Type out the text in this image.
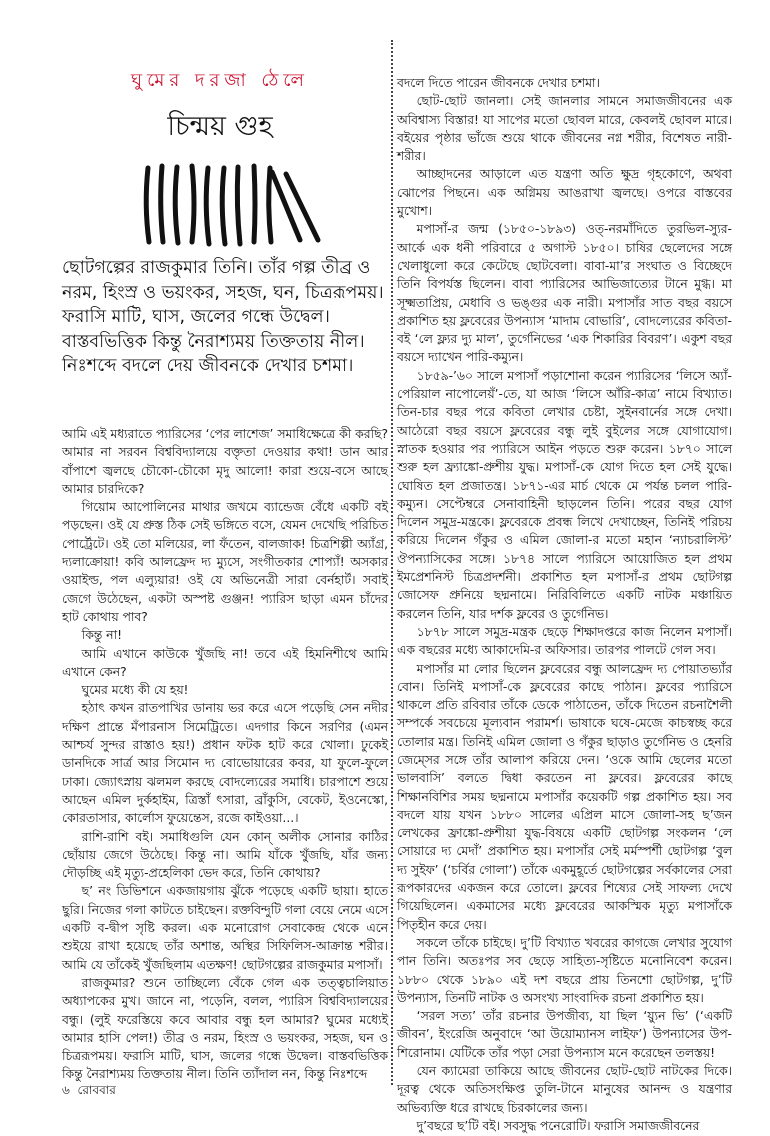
ঘুমের দরজা ঠেলে
চিন্ময় গুহ
ছোটগল্পের রাজকুমার তিনি। তাঁর গল্প তীব্র ও
নরম, হিংস্র ও ভয়ংকর, সহজ, ঘন, চিত্ররূপময়।
ফরাসি মাটি, ঘাস, জলের গন্ধে উদ্বেল।
বাস্তবভিত্তিক কিন্তু নৈরাশ্যময় তিক্ততায় নীল।
নিঃশব্দে বদলে দেয় জীবনকে দেখার চশমা।

আমি এই মধ্যরাতে প্যারিসের ‘পের লাশেজ’ সমাধিক্ষেত্রে কী করছি? আমার না সরবন বিশ্ববিদ্যালয়ে বক্তৃতা দেওয়ার কথা! ডান আর বাঁপাশে জ্বলছে চৌকো-চৌকো মৃদু আলো! কারা শুয়ে-বসে আছে আমার চারদিকে?

গিয়োম আপোলিনের মাথার জখমে ব্যান্ডেজ বেঁধে একটি বই পড়ছেন। ওই যে প্রুস্ত ঠিক সেই ভঙ্গিতে বসে, যেমন দেখেছি পরিচিত পোর্ট্রেটে। ওই তো মলিয়ের, লা ফঁতেন, বালজাক! চিত্রশিল্পী অ্যাঁগ্র, দ্যলাক্রোয়া! কবি আলফ্রেদ দ্য ম্যুসে, সংগীতকার শোপ্যাঁ! অসকার ওয়াইল্ড, পল এল্যুয়ার! ওই যে অভিনেত্রী সারা বের্নহার্ট। সবাই জেগে উঠেছেন, একটা অস্পষ্ট গুঞ্জন! প্যারিস ছাড়া এমন চাঁদের হাট কোথায় পাব?

কিন্তু না!

আমি এখানে কাউকে খুঁজছি না! তবে এই হিমনিশীথে আমি এখানে কেন?

ঘুমের মধ্যে কী যে হয়!

হঠাৎ কখন রাতপাখির ডানায় ভর করে এসে পড়েছি সেন নদীর দক্ষিণ প্রান্তে মঁপারনাস সিমেট্রিতে। এদগার কিনে সরণির (এমন আশ্চর্য সুন্দর রাস্তাও হয়!) প্রধান ফটক হাট করে খোলা। ঢুকেই ডানদিকে সার্ত্র আর সিমোন দ্য বোভোয়ারের কবর, যা ফুলে-ফুলে ঢাকা। জ্যোৎস্নায় ঝলমল করছে বোদল্যেরের সমাধি। চারপাশে শুয়ে আছেন এমিল দুর্কহাইম, ত্রিস্তাঁ ৎসারা, ব্রাঁকুসি, বেকেট, ইওনেস্কো, কোরতাসার, কার্লোস ফুয়েন্তেস, রজে কাইওয়া...।

রাশি-রাশি বই। সমাধিগুলি যেন কোন্ অলীক সোনার কাঠির ছোঁয়ায় জেগে উঠেছে। কিন্তু না। আমি যাঁকে খুঁজছি, যাঁর জন্য দৌড়চ্ছি এই মৃত্যু-প্রহেলিকা ভেদ করে, তিনি কোথায়?

ছ’ নং ডিভিশনে একজায়গায় ঝুঁকে পড়েছে একটি ছায়া। হাতে ছুরি। নিজের গলা কাটতে চাইছেন। রক্তবিন্দুটি গলা বেয়ে নেমে এসে একটি ব-দ্বীপ সৃষ্টি করল। এক মনোরোগ সেবাকেন্দ্র থেকে এনে শুইয়ে রাখা হয়েছে তাঁর অশান্ত, অস্থির সিফিলিস-আক্রান্ত শরীর। আমি যে তাঁকেই খুঁজছিলাম এতক্ষণ! ছোটগল্পের রাজকুমার মপাসাঁ।

রাজকুমার? শুনে তাচ্ছিল্যে বেঁকে গেল এক তত্ত্বচালিয়াত অধ্যাপকের মুখ। জানে না, পড়েনি, বলল, প্যারিস বিশ্ববিদ্যালয়ের বন্ধু। (লুই ফরেস্তিয়ে কবে আবার বন্ধু হল আমার? ঘুমের মধ্যেই আমার হাসি পেল!) তীব্র ও নরম, হিংস্র ও ভয়ংকর, সহজ, ঘন ও চিত্ররূপময়। ফরাসি মাটি, ঘাস, জলের গন্ধে উদ্বেল। বাস্তবভিত্তিক কিন্তু নৈরাশ্যময় তিক্ততায় নীল। তিনি ত্যাঁদাল নন, কিন্তু নিঃশব্দে

বদলে দিতে পারেন জীবনকে দেখার চশমা।

ছোট-ছোট জানলা। সেই জানলার সামনে সমাজজীবনের এক অবিশ্বাস্য বিস্তার! যা সাপের মতো ছোবল মারে, কেবলই ছোবল মারে। বইয়ের পৃষ্ঠার ভাঁজে শুয়ে থাকে জীবনের নগ্ন শরীর, বিশেষত নারী-শরীর।

আচ্ছাদনের আড়ালে এত যন্ত্রণা অতি ক্ষুদ্র গৃহকোণে, অথবা ঝোপের পিছনে। এক অগ্নিময় আঙরাখা জ্বলছে। ওপরে বাস্তবের মুখোশ।

মপাসাঁ-র জন্ম (১৮৫০-১৮৯৩) ওত্-নরমাঁদিতে তুরভিল-স্যুর-আর্কে এক ধনী পরিবারে ৫ অগাস্ট ১৮৫০। চাষির ছেলেদের সঙ্গে খেলাধুলো করে কেটেছে ছোটবেলা। বাবা-মা’র সংঘাত ও বিচ্ছেদে তিনি বিপর্যস্ত ছিলেন। বাবা প্যারিসের আভিজাত্যের টানে মুগ্ধ। মা সূক্ষ্মতাপ্রিয়, মেধাবি ও ভঙ্গুর এক নারী। মপাসাঁর সাত বছর বয়সে প্রকাশিত হয় ফ্লবেরের উপন্যাস ‘মাদাম বোভারি’, বোদল্যেরের কবিতা-বই ‘লে ফ্ল্যর দ্যু মাল’, তুর্গেনিভের ‘এক শিকারির বিবরণ’। একুশ বছর বয়সে দ্যাখেন পারি-কম্যুন।

১৮৫৯-’৬০ সালে মপাসাঁ পড়াশোনা করেন প্যারিসের ‘লিসে অ্যাঁ-পেরিয়াল নাপোলেয়ঁ’-তে, যা আজ ‘লিসে আঁরি-কাত্র’ নামে বিখ্যাত। তিন-চার বছর পরে কবিতা লেখার চেষ্টা, সুইনবার্নের সঙ্গে দেখা। আঠেরো বছর বয়সে ফ্লবেরের বন্ধু লুই বুইলের সঙ্গে যোগাযোগ। স্নাতক হওয়ার পর প্যারিসে আইন পড়তে শুরু করেন। ১৮৭০ সালে শুরু হল ফ্র্যাঙ্কো-প্রুশীয় যুদ্ধ। মপাসাঁ-কে যোগ দিতে হল সেই যুদ্ধে। ঘোষিত হল প্রজাতন্ত্র। ১৮৭১-এর মার্চ থেকে মে পর্যন্ত চলল পারি-কম্যুন। সেপ্টেম্বরে সেনাবাহিনী ছাড়লেন তিনি। পরের বছর যোগ দিলেন সমুদ্র-মন্ত্রকে। ফ্লবেরকে প্রবন্ধ লিখে দেখাচ্ছেন, তিনিই পরিচয় করিয়ে দিলেন গঁকুর ও এমিল জোলা-র মতো মহান ‘ন্যাচরালিস্ট’ ঔপন্যাসিকের সঙ্গে। ১৮৭৪ সালে প্যারিসে আয়োজিত হল প্রথম ইমপ্রেশনিস্ট চিত্রপ্রদর্শনী। প্রকাশিত হল মপাসাঁ-র প্রথম ছোটগল্প জোসেফ প্রুনিয়ে ছদ্মনামে। নিরিবিলিতে একটি নাটক মঞ্চায়িত করলেন তিনি, যার দর্শক ফ্লবের ও তুর্গেনিভ।

১৮৭৮ সালে সমুদ্র-মন্ত্রক ছেড়ে শিক্ষাদপ্তরে কাজ নিলেন মপাসাঁ। এক বছরের মধ্যে আকাদেমি-র অফিসার। তারপর পালটে গেল সব।

মপাসাঁর মা লোর ছিলেন ফ্লবেরের বন্ধু আলফ্রেদ দ্য পোয়াতভ্যাঁর বোন। তিনিই মপাসাঁ-কে ফ্লবেরের কাছে পাঠান। ফ্লবের প্যারিসে থাকলে প্রতি রবিবার তাঁকে ডেকে পাঠাতেন, তাঁকে দিতেন রচনাশৈলী সম্পর্কে সবচেয়ে মূল্যবান পরামর্শ। ভাষাকে ঘষে-মেজে কাচস্বচ্ছ করে তোলার মন্ত্র। তিনিই এমিল জোলা ও গঁকুর ছাড়াও তুর্গেনিভ ও হেনরি জেম্সের সঙ্গে তাঁর আলাপ করিয়ে দেন। ‘ওকে আমি ছেলের মতো ভালবাসি’ বলতে দ্বিধা করতেন না ফ্লবের। ফ্লবেরের কাছে শিক্ষানবিশির সময় ছদ্মনামে মপাসাঁর কয়েকটি গল্প প্রকাশিত হয়। সব বদলে যায় যখন ১৮৮০ সালের এপ্রিল মাসে জোলা-সহ ছ’জন লেখকের ফ্রাঙ্কো-প্রুশীয়া যুদ্ধ-বিষয়ে একটি ছোটগল্প সংকলন ‘লে সোয়ারে দ্য মেদাঁ’ প্রকাশিত হয়। মপাসাঁর সেই মর্মস্পর্শী ছোটগল্প ‘বুল দ্য সুইফ’ (‘চর্বির গোলা’) তাঁকে একমুহূর্তে ছোটগল্পের সর্বকালের সেরা রূপকারদের একজন করে তোলে। ফ্লবের শিষ্যের সেই সাফল্য দেখে গিয়েছিলেন। একমাসের মধ্যে ফ্লবেরের আকস্মিক মৃত্যু মপাসাঁকে পিতৃহীন করে দেয়।

সকলে তাঁকে চাইছে। দু’টি বিখ্যাত খবরের কাগজে লেখার সুযোগ পান তিনি। অতঃপর সব ছেড়ে সাহিত্য-সৃষ্টিতে মনোনিবেশ করেন। ১৮৮০ থেকে ১৮৯০ এই দশ বছরে প্রায় তিনশো ছোটগল্প, দু’টি উপন্যাস, তিনটি নাটক ও অসংখ্য সাংবাদিক রচনা প্রকাশিত হয়।

‘সরল সত্য’ তাঁর রচনার উপজীব্য, যা ছিল ‘য়্যুন ভি’ (‘একটি জীবন’, ইংরেজি অনুবাদে ‘আ উয়োম্যানস লাইফ’) উপন্যাসের উপ-শিরোনাম। যেটিকে তাঁর পড়া সেরা উপন্যাস মনে করেছেন তলস্তয়!

যেন ক্যামেরা তাকিয়ে আছে জীবনের ছোট-ছোট নাটকের দিকে। দূরত্ব থেকে অতিসংক্ষিপ্ত তুলি-টানে মানুষের আনন্দ ও যন্ত্রণার অভিব্যক্তি ধরে রাখছে চিরকালের জন্য।

দু’বছরে ছ’টি বই। সবসুদ্ধ পনেরোটি। ফরাসি সমাজজীবনের

৬ রোববার
